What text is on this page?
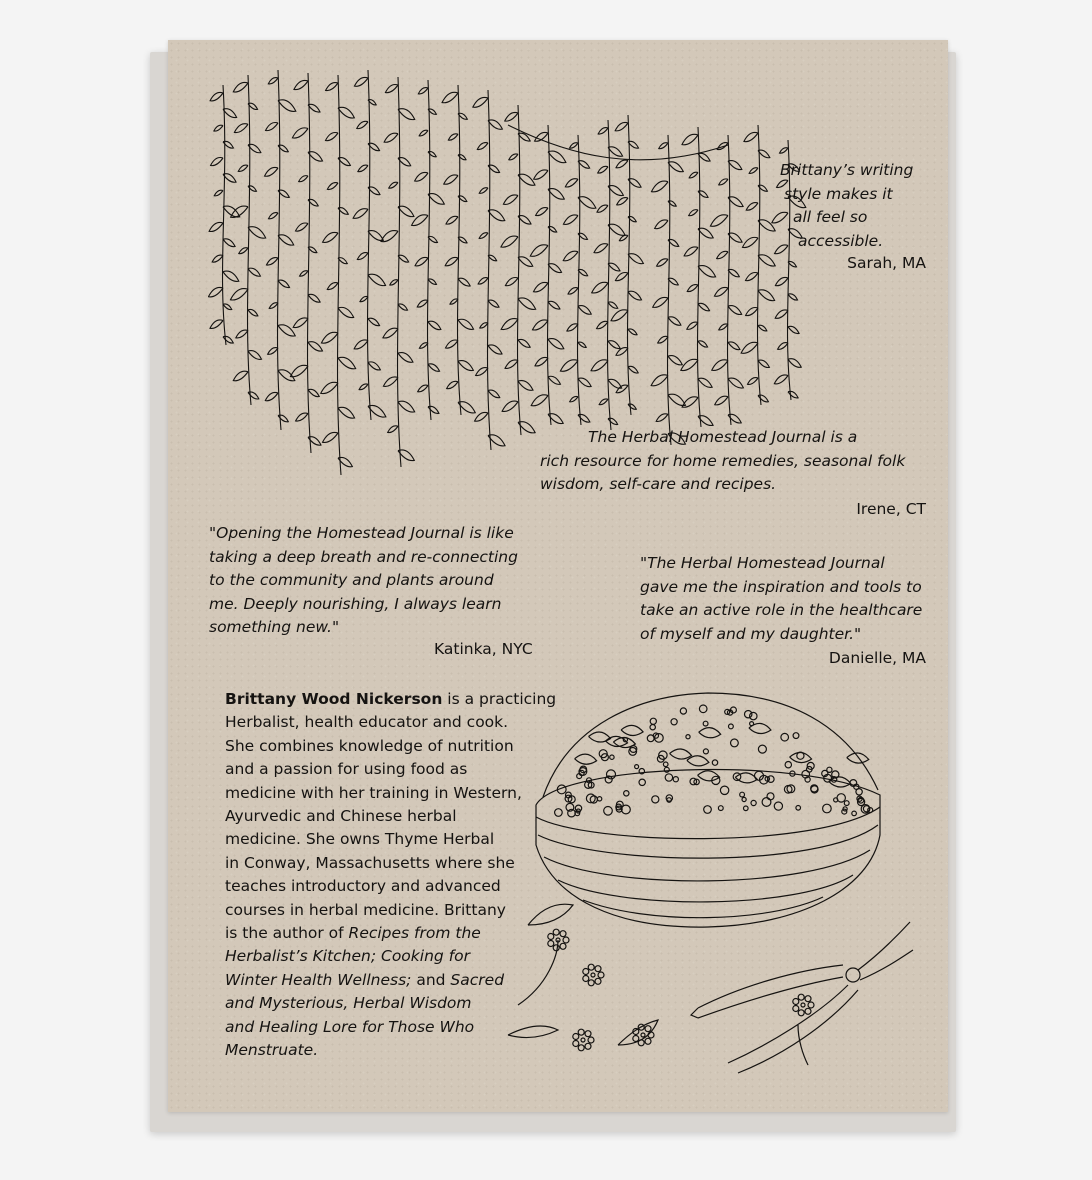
Brittany’s writing
style makes it
all feel so
accessible.
Sarah, MA
The Herbal Homestead Journal is a
rich resource for home remedies, seasonal folk
wisdom, self-care and recipes.
Irene, CT
"Opening the Homestead Journal is like
taking a deep breath and re-connecting
to the community and plants around
me. Deeply nourishing, I always learn
something new."
Katinka, NYC
"The Herbal Homestead Journal
gave me the inspiration and tools to
take an active role in the healthcare
of myself and my daughter."
Danielle, MA
Brittany Wood Nickerson is a practicing
Herbalist, health educator and cook.
She combines knowledge of nutrition
and a passion for using food as
medicine with her training in Western,
Ayurvedic and Chinese herbal
medicine. She owns Thyme Herbal
in Conway, Massachusetts where she
teaches introductory and advanced
courses in herbal medicine. Brittany
is the author of Recipes from the
Herbalist’s Kitchen; Cooking for
Winter Health Wellness; and Sacred
and Mysterious, Herbal Wisdom
and Healing Lore for Those Who
Menstruate.
